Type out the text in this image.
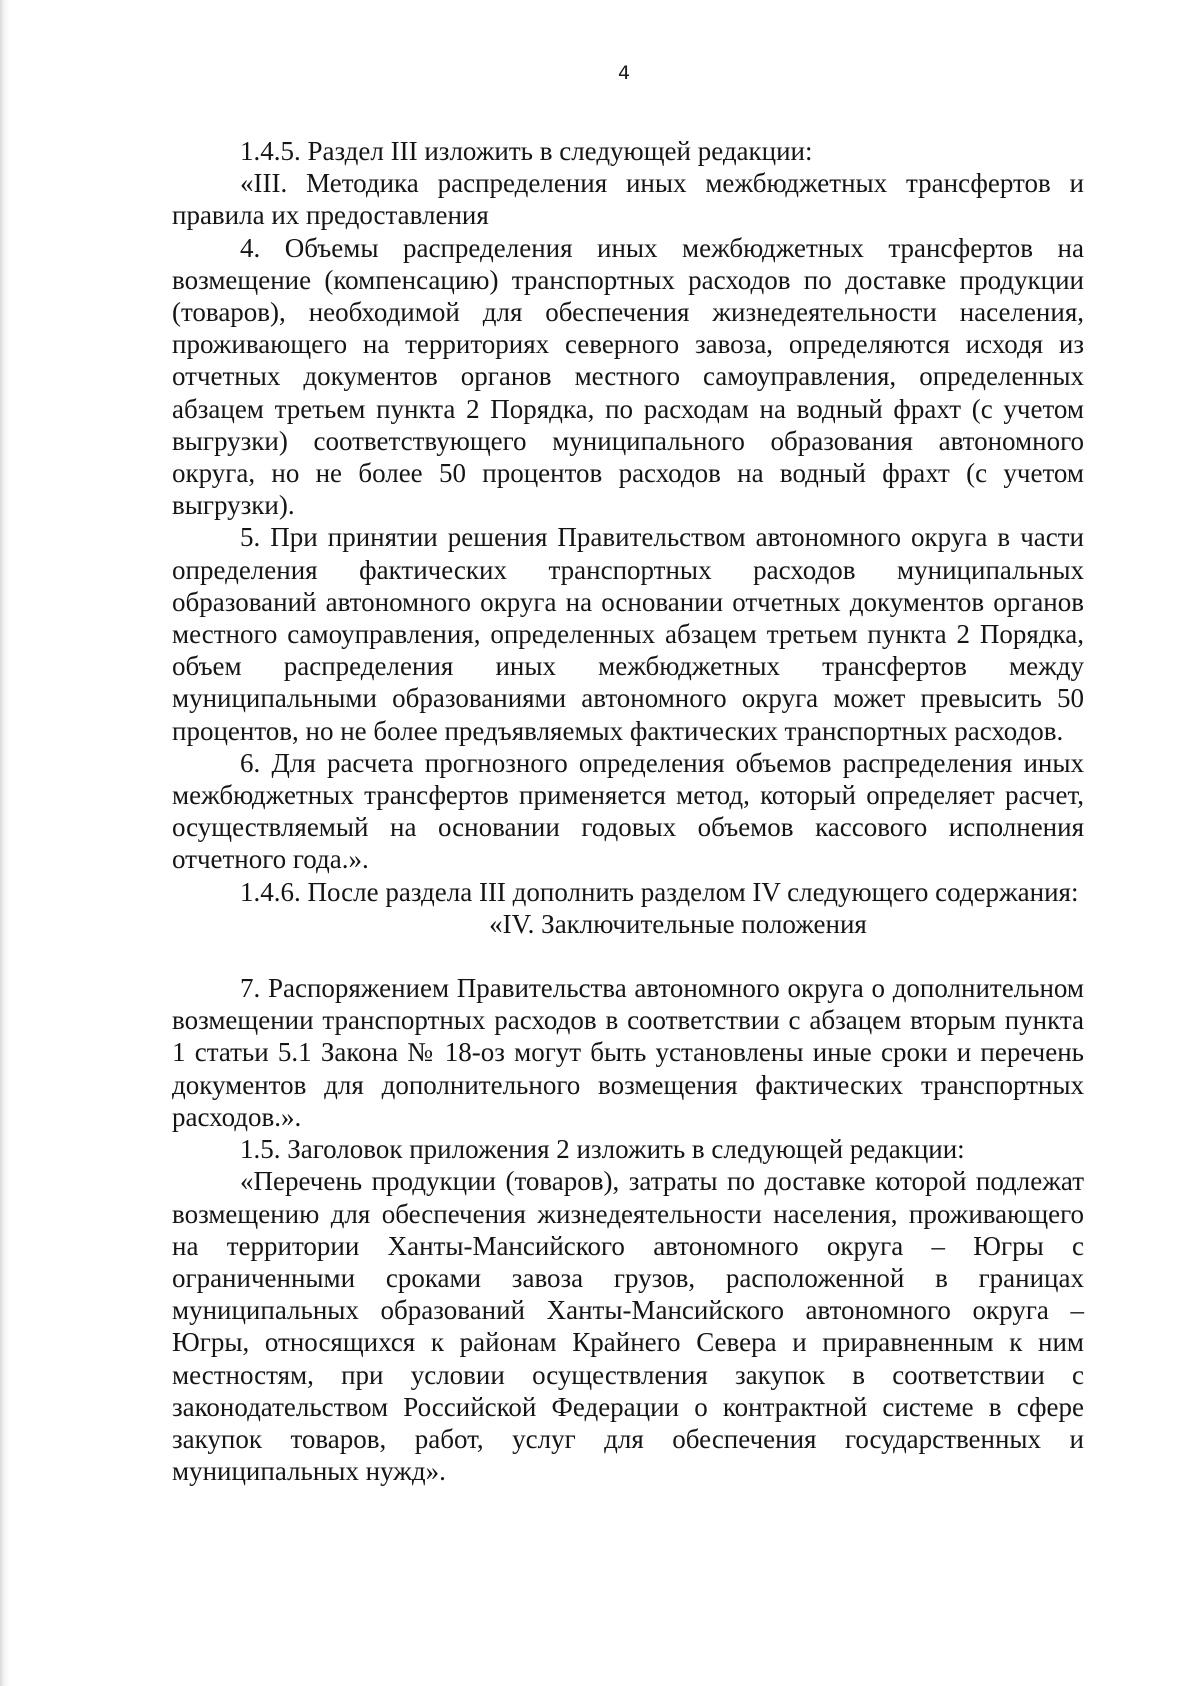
4

1.4.5. Раздел III изложить в следующей редакции:

«III. Методика распределения иных межбюджетных трансфертов и правила их предоставления

4. Объемы распределения иных межбюджетных трансфертов на возмещение (компенсацию) транспортных расходов по доставке продукции (товаров), необходимой для обеспечения жизнедеятельности населения, проживающего на территориях северного завоза, определяются исходя из отчетных документов органов местного самоуправления, определенных абзацем третьем пункта 2 Порядка, по расходам на водный фрахт (с учетом выгрузки) соответствующего муниципального образования автономного округа, но не более 50 процентов расходов на водный фрахт (с учетом выгрузки).

5. При принятии решения Правительством автономного округа в части определения фактических транспортных расходов муниципальных образований автономного округа на основании отчетных документов органов местного самоуправления, определенных абзацем третьем пункта 2 Порядка, объем распределения иных межбюджетных трансфертов между муниципальными образованиями автономного округа может превысить 50 процентов, но не более предъявляемых фактических транспортных расходов.

6. Для расчета прогнозного определения объемов распределения иных межбюджетных трансфертов применяется метод, который определяет расчет, осуществляемый на основании годовых объемов кассового исполнения отчетного года.».

1.4.6. После раздела III дополнить разделом IV следующего содержания:

«IV. Заключительные положения

7. Распоряжением Правительства автономного округа о дополнительном возмещении транспортных расходов в соответствии с абзацем вторым пункта 1 статьи 5.1 Закона № 18-оз могут быть установлены иные сроки и перечень документов для дополнительного возмещения фактических транспортных расходов.».

1.5. Заголовок приложения 2 изложить в следующей редакции:

«Перечень продукции (товаров), затраты по доставке которой подлежат возмещению для обеспечения жизнедеятельности населения, проживающего на территории Ханты-Мансийского автономного округа – Югры с ограниченными сроками завоза грузов, расположенной в границах муниципальных образований Ханты-Мансийского автономного округа – Югры, относящихся к районам Крайнего Севера и приравненным к ним местностям, при условии осуществления закупок в соответствии с законодательством Российской Федерации о контрактной системе в сфере закупок товаров, работ, услуг для обеспечения государственных и муниципальных нужд».
